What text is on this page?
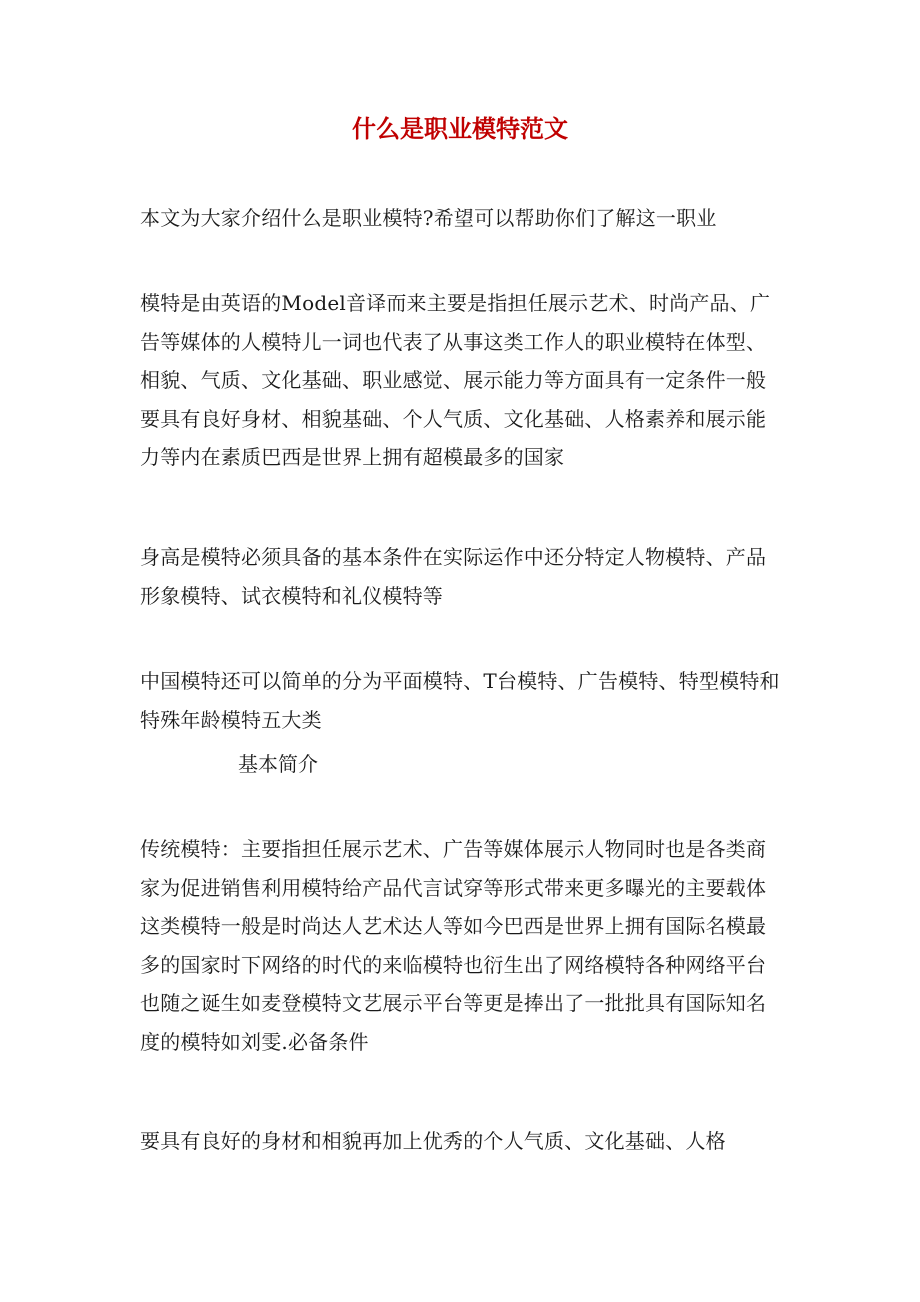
什么是职业模特范文

本文为大家介绍什么是职业模特?希望可以帮助你们了解这一职业

模特是由英语的Model音译而来主要是指担任展示艺术、时尚产品、广告等媒体的人模特儿一词也代表了从事这类工作人的职业模特在体型、相貌、气质、文化基础、职业感觉、展示能力等方面具有一定条件一般要具有良好身材、相貌基础、个人气质、文化基础、人格素养和展示能力等内在素质巴西是世界上拥有超模最多的国家

身高是模特必须具备的基本条件在实际运作中还分特定人物模特、产品形象模特、试衣模特和礼仪模特等

中国模特还可以简单的分为平面模特、T台模特、广告模特、特型模特和特殊年龄模特五大类

基本简介

传统模特：主要指担任展示艺术、广告等媒体展示人物同时也是各类商家为促进销售利用模特给产品代言试穿等形式带来更多曝光的主要载体这类模特一般是时尚达人艺术达人等如今巴西是世界上拥有国际名模最多的国家时下网络的时代的来临模特也衍生出了网络模特各种网络平台也随之诞生如麦登模特文艺展示平台等更是捧出了一批批具有国际知名度的模特如刘雯.必备条件

要具有良好的身材和相貌再加上优秀的个人气质、文化基础、人格
